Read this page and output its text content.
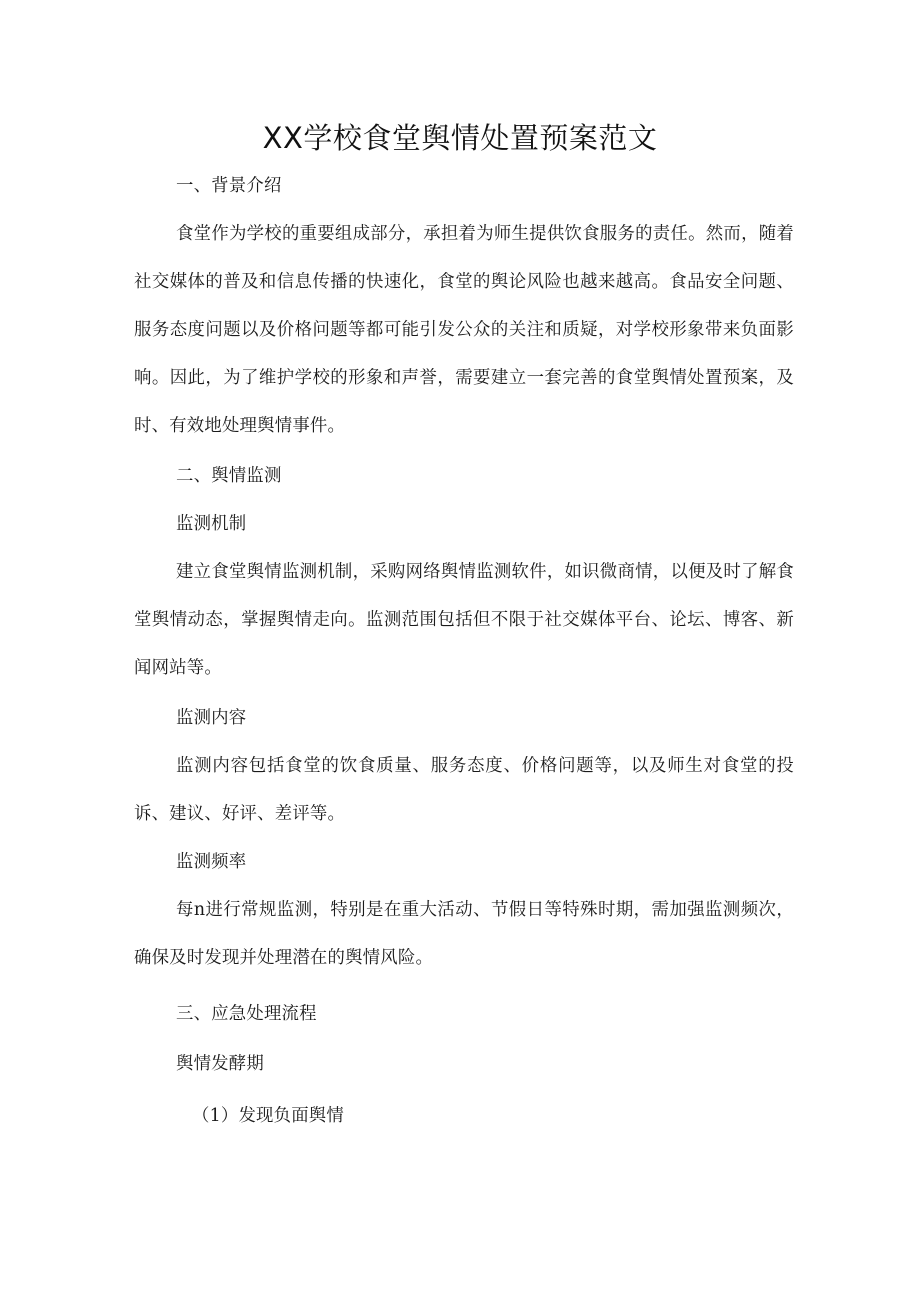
XX学校食堂舆情处置预案范文
一、背景介绍
食堂作为学校的重要组成部分，承担着为师生提供饮食服务的责任。然而，随着社交媒体的普及和信息传播的快速化，食堂的舆论风险也越来越高。食品安全问题、服务态度问题以及价格问题等都可能引发公众的关注和质疑，对学校形象带来负面影响。因此，为了维护学校的形象和声誉，需要建立一套完善的食堂舆情处置预案，及时、有效地处理舆情事件。
二、舆情监测
监测机制
建立食堂舆情监测机制，采购网络舆情监测软件，如识微商情，以便及时了解食堂舆情动态，掌握舆情走向。监测范围包括但不限于社交媒体平台、论坛、博客、新闻网站等。
监测内容
监测内容包括食堂的饮食质量、服务态度、价格问题等，以及师生对食堂的投诉、建议、好评、差评等。
监测频率
每n进行常规监测，特别是在重大活动、节假日等特殊时期，需加强监测频次，确保及时发现并处理潜在的舆情风险。
三、应急处理流程
舆情发酵期
（1）发现负面舆情
